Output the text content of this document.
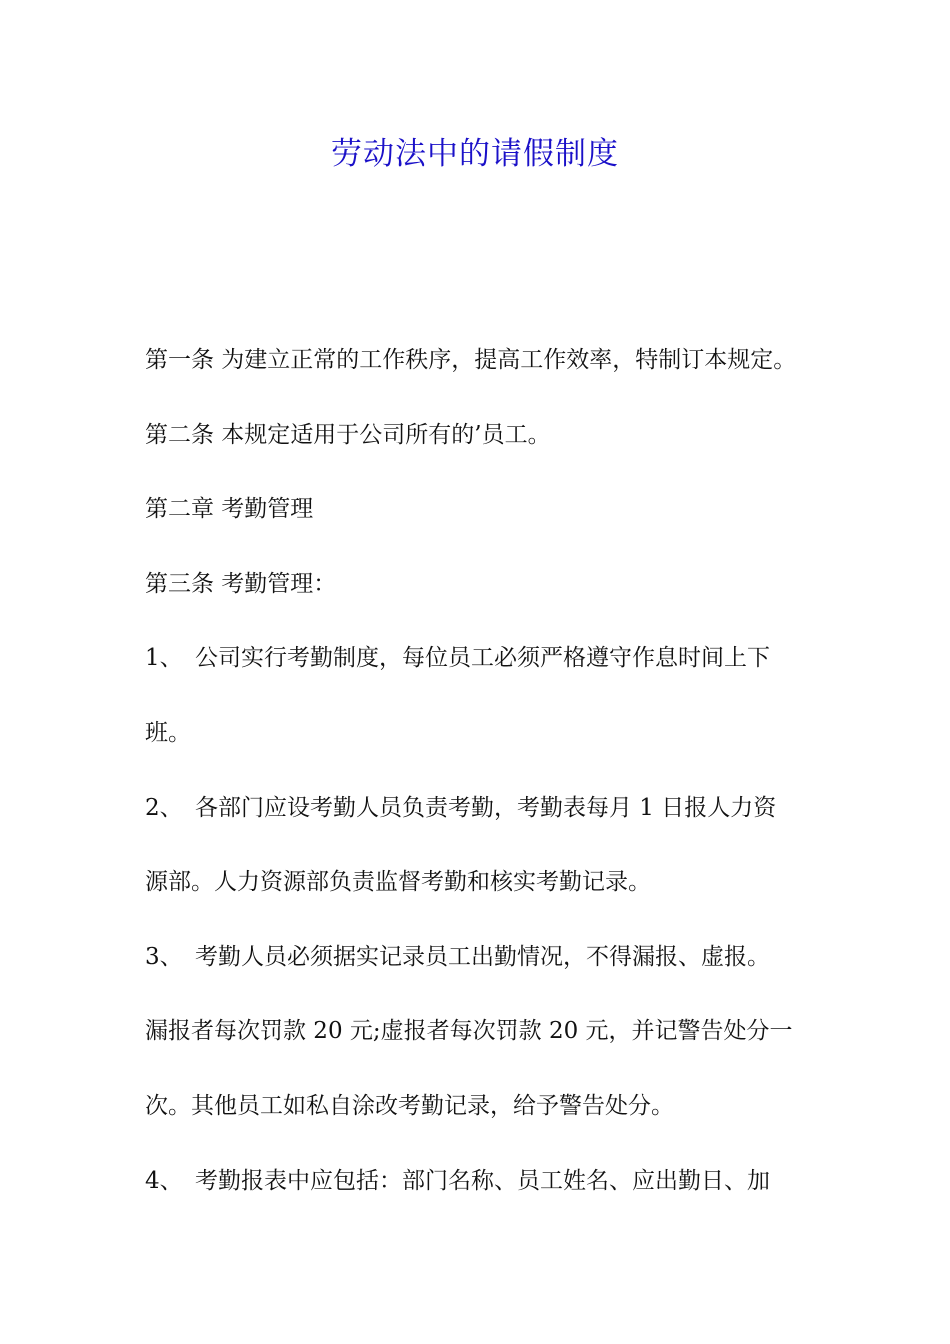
劳动法中的请假制度
第一条 为建立正常的工作秩序，提高工作效率，特制订本规定。
第二条 本规定适用于公司所有的’员工。
第二章 考勤管理
第三条 考勤管理：
1、 公司实行考勤制度，每位员工必须严格遵守作息时间上下
班。
2、 各部门应设考勤人员负责考勤，考勤表每月 1 日报人力资
源部。人力资源部负责监督考勤和核实考勤记录。
3、 考勤人员必须据实记录员工出勤情况，不得漏报、虚报。
漏报者每次罚款 20 元;虚报者每次罚款 20 元，并记警告处分一
次。其他员工如私自涂改考勤记录，给予警告处分。
4、 考勤报表中应包括：部门名称、员工姓名、应出勤日、加
